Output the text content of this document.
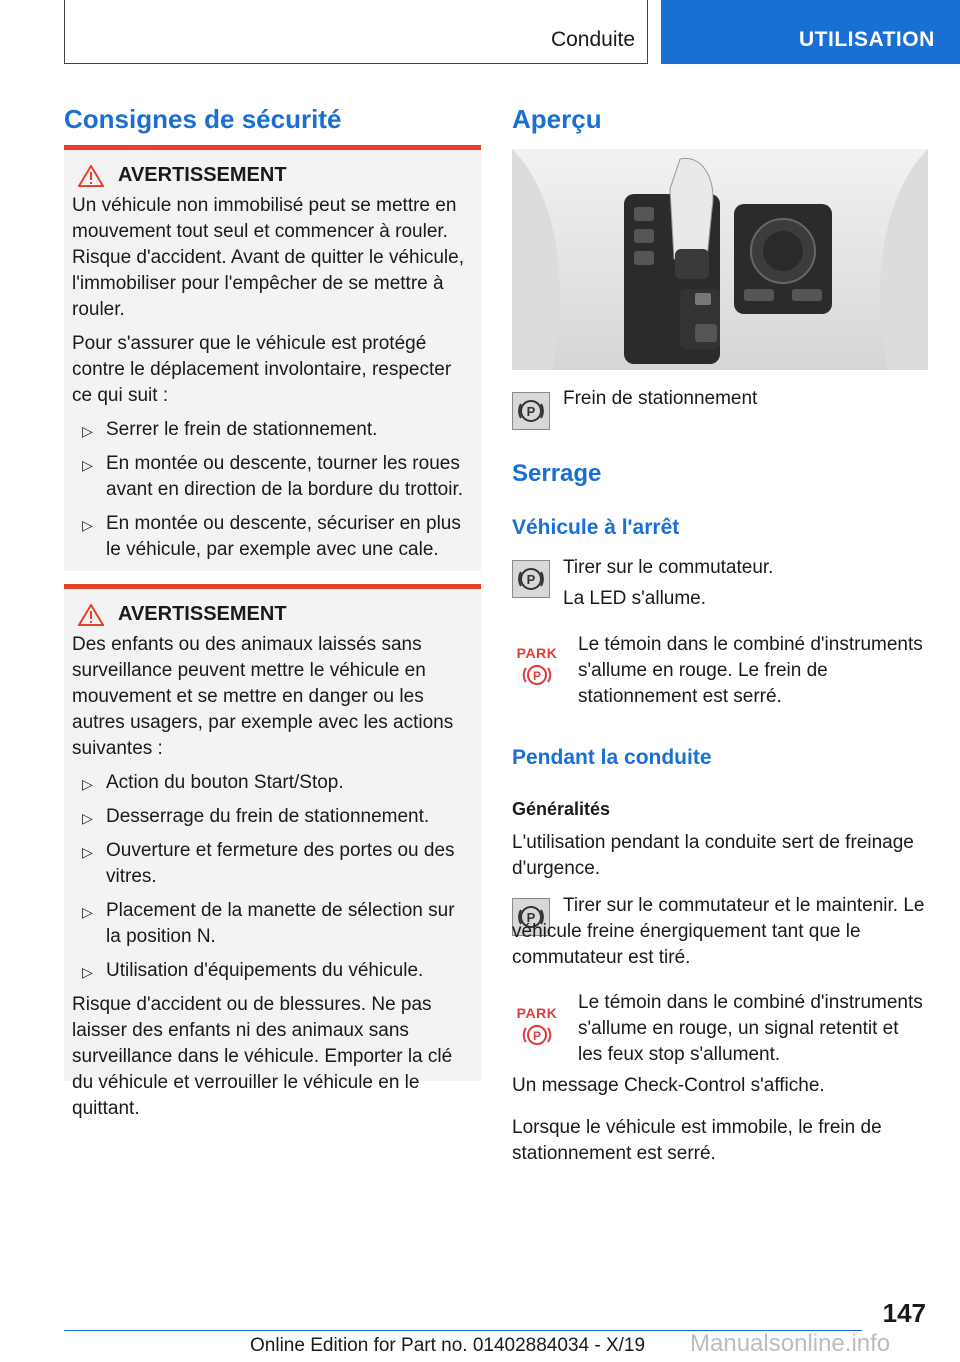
Conduite	UTILISATION
Consignes de sécurité
AVERTISSEMENT

Un véhicule non immobilisé peut se mettre en mouvement tout seul et commencer à rouler. Risque d'accident. Avant de quitter le véhicule, l'immobiliser pour l'empêcher de se mettre à rouler.

Pour s'assurer que le véhicule est protégé contre le déplacement involontaire, respecter ce qui suit :

▷ Serrer le frein de stationnement.
▷ En montée ou descente, tourner les roues avant en direction de la bordure du trottoir.
▷ En montée ou descente, sécuriser en plus le véhicule, par exemple avec une cale.
AVERTISSEMENT

Des enfants ou des animaux laissés sans surveillance peuvent mettre le véhicule en mouvement et se mettre en danger ou les autres usagers, par exemple avec les actions suivantes :

▷ Action du bouton Start/Stop.
▷ Desserrage du frein de stationnement.
▷ Ouverture et fermeture des portes ou des vitres.
▷ Placement de la manette de sélection sur la position N.
▷ Utilisation d'équipements du véhicule.

Risque d'accident ou de blessures. Ne pas laisser des enfants ni des animaux sans surveillance dans le véhicule. Emporter la clé du véhicule et verrouiller le véhicule en le quittant.

Aperçu
P
Frein de stationnement
Serrage
Véhicule à l'arrêt
P
Tirer sur le commutateur.
La LED s'allume.
PARK
P
Le témoin dans le combiné d'instruments s'allume en rouge. Le frein de stationnement est serré.
Pendant la conduite
Généralités
L'utilisation pendant la conduite sert de freinage d'urgence.
P
Tirer sur le commutateur et le maintenir. Le véhicule freine énergiquement tant que le commutateur est tiré.
PARK
P
Le témoin dans le combiné d'instruments s'allume en rouge, un signal retentit et les feux stop s'allument.
Un message Check-Control s'affiche.
Lorsque le véhicule est immobile, le frein de stationnement est serré.
147
Online Edition for Part no. 01402884034 - X/19 Manualsonline.info
